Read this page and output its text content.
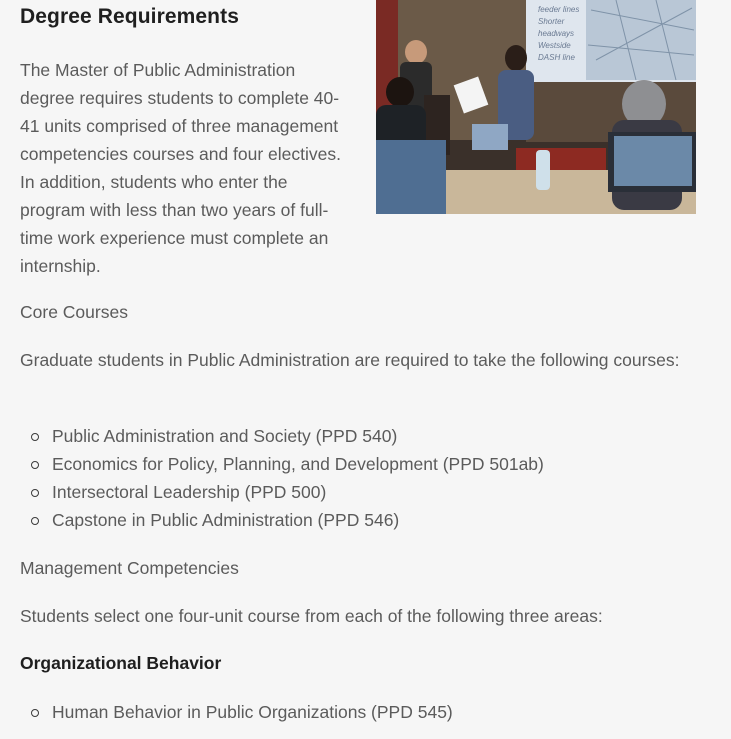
Degree Requirements

The Master of Public Administration degree requires students to complete 40-41 units comprised of three management competencies courses and four electives. In addition, students who enter the program with less than two years of full-time work experience must complete an internship.

feeder lines
Shorter
headways
Westside
DASH line

Core Courses

Graduate students in Public Administration are required to take the following courses:

Public Administration and Society (PPD 540)
Economics for Policy, Planning, and Development (PPD 501ab)
Intersectoral Leadership (PPD 500)
Capstone in Public Administration (PPD 546)

Management Competencies

Students select one four-unit course from each of the following three areas:

Organizational Behavior
Human Behavior in Public Organizations (PPD 545)
